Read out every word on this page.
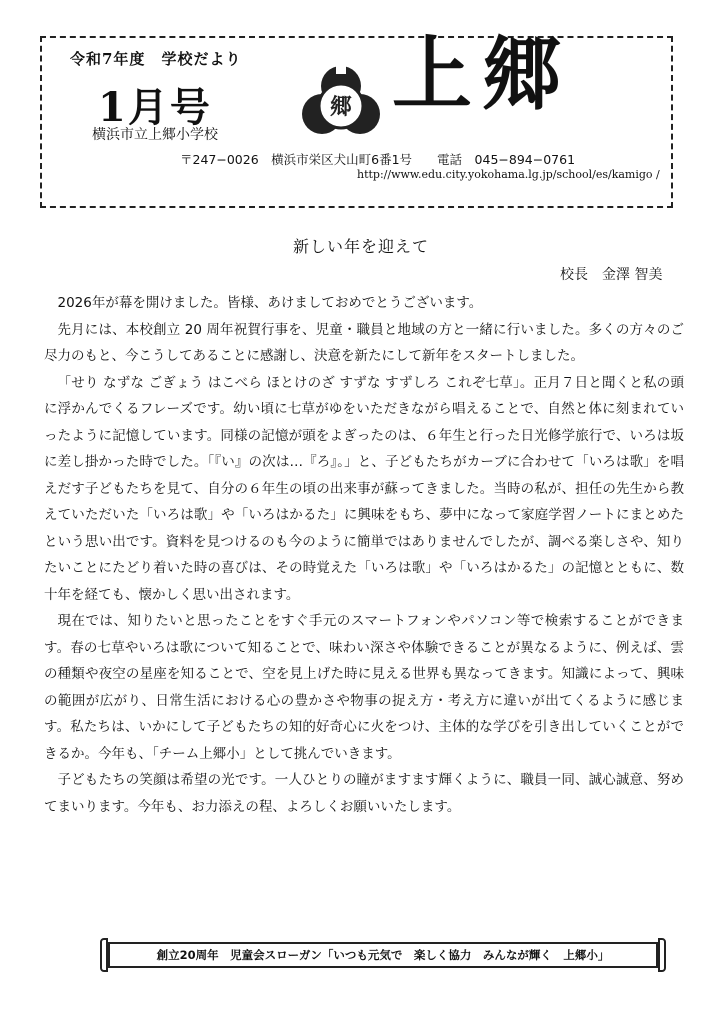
令和7年度　学校だより
1月号
横浜市立上郷小学校
郷 上郷
〒247−0026　横浜市栄区犬山町6番1号　　電話　045−894−0761
http://www.edu.city.yokohama.lg.jp/school/es/kamigo /
新しい年を迎えて
校長　金澤 智美

2026年が幕を開けました。皆様、あけましておめでとうございます。

先月には、本校創立 20 周年祝賀行事を、児童・職員と地域の方と一緒に行いました。多くの方々のご尽力のもと、今こうしてあることに感謝し、決意を新たにして新年をスタートしました。

「せり なずな ごぎょう はこべら ほとけのざ すずな すずしろ これぞ七草」。正月７日と聞くと私の頭に浮かんでくるフレーズです。幼い頃に七草がゆをいただきながら唱えることで、自然と体に刻まれていったように記憶しています。同様の記憶が頭をよぎったのは、６年生と行った日光修学旅行で、いろは坂に差し掛かった時でした。「『い』の次は…『ろ』。」と、子どもたちがカーブに合わせて「いろは歌」を唱えだす子どもたちを見て、自分の６年生の頃の出来事が蘇ってきました。当時の私が、担任の先生から教えていただいた「いろは歌」や「いろはかるた」に興味をもち、夢中になって家庭学習ノートにまとめたという思い出です。資料を見つけるのも今のように簡単ではありませんでしたが、調べる楽しさや、知りたいことにたどり着いた時の喜びは、その時覚えた「いろは歌」や「いろはかるた」の記憶とともに、数十年を経ても、懐かしく思い出されます。

現在では、知りたいと思ったことをすぐ手元のスマートフォンやパソコン等で検索することができます。春の七草やいろは歌について知ることで、味わい深さや体験できることが異なるように、例えば、雲の種類や夜空の星座を知ることで、空を見上げた時に見える世界も異なってきます。知識によって、興味の範囲が広がり、日常生活における心の豊かさや物事の捉え方・考え方に違いが出てくるように感じます。私たちは、いかにして子どもたちの知的好奇心に火をつけ、主体的な学びを引き出していくことができるか。今年も、「チーム上郷小」として挑んでいきます。

子どもたちの笑顔は希望の光です。一人ひとりの瞳がますます輝くように、職員一同、誠心誠意、努めてまいります。今年も、お力添えの程、よろしくお願いいたします。

創立20周年　児童会スローガン「いつも元気で　楽しく協力　みんなが輝く　上郷小」
